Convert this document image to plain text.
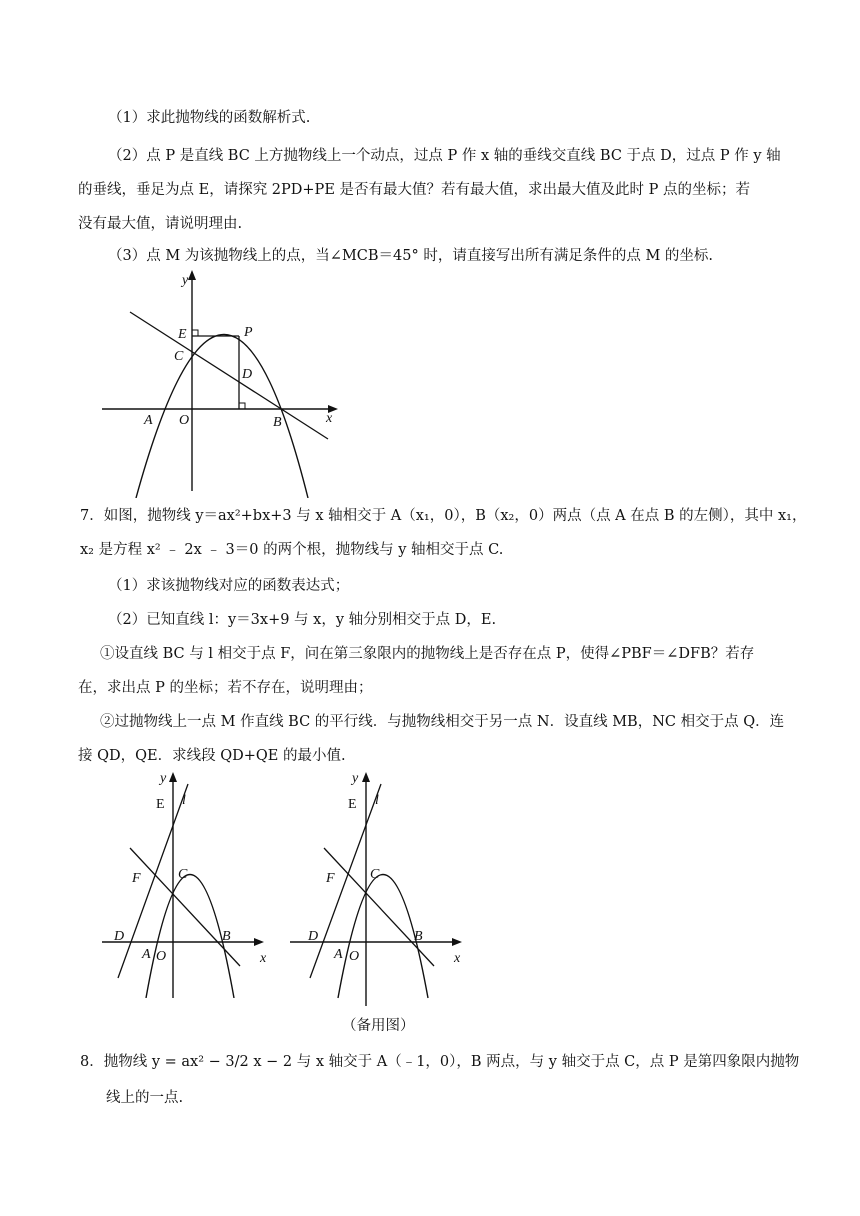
（1）求此抛物线的函数解析式.
（2）点 P 是直线 BC 上方抛物线上一个动点，过点 P 作 x 轴的垂线交直线 BC 于点 D，过点 P 作 y 轴
的垂线，垂足为点 E，请探究 2PD+PE 是否有最大值？若有最大值，求出最大值及此时 P 点的坐标；若
没有最大值，请说明理由.
（3）点 M 为该抛物线上的点，当∠MCB＝45° 时，请直接写出所有满足条件的点 M 的坐标.
y
x
E	P
C
D
A O	B
7．如图，抛物线 y＝ax²+bx+3 与 x 轴相交于 A（x₁，0），B（x₂，0）两点（点 A 在点 B 的左侧），其中 x₁，
x₂ 是方程 x² ﹣ 2x ﹣ 3＝0 的两个根，抛物线与 y 轴相交于点 C.
（1）求该抛物线对应的函数表达式；
（2）已知直线 l：y＝3x+9 与 x，y 轴分别相交于点 D，E.
①设直线 BC 与 l 相交于点 F，问在第三象限内的抛物线上是否存在点 P，使得∠PBF＝∠DFB？若存
在，求出点 P 的坐标；若不存在，说明理由；
②过抛物线上一点 M 作直线 BC 的平行线．与抛物线相交于另一点 N．设直线 MB，NC 相交于点 Q．连
接 QD，QE．求线段 QD+QE 的最小值.
y
E l
F	C
D
A O
B
x
y
E l
F	C
D
A O
B
x
（备用图）
8．抛物线 y = ax² − 3/2 x − 2 与 x 轴交于 A（﹣1，0），B 两点，与 y 轴交于点 C，点 P 是第四象限内抛物
线上的一点.
